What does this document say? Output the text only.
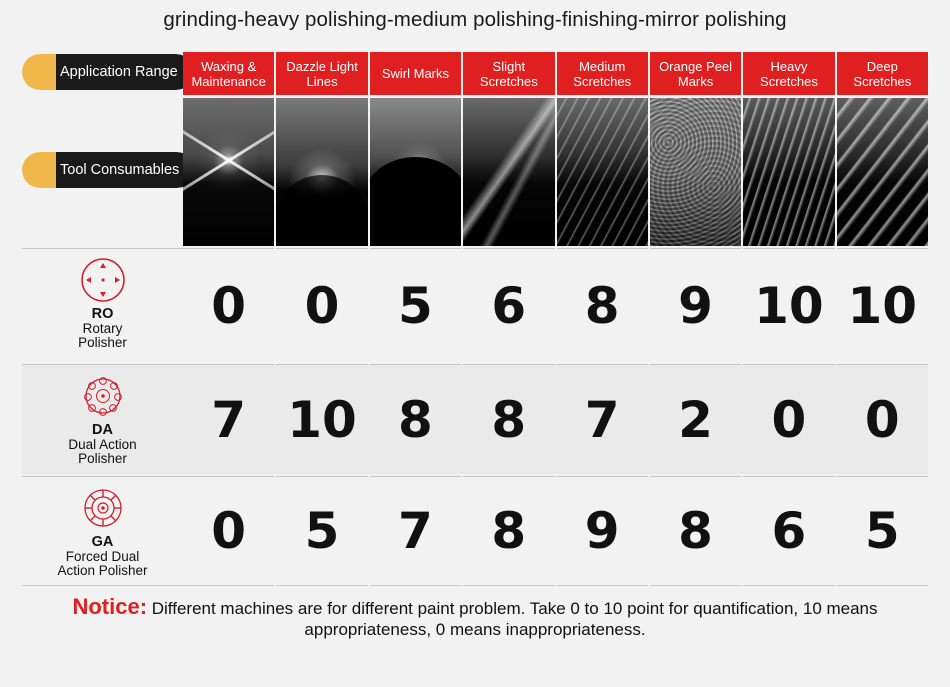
grinding-heavy polishing-medium polishing-finishing-mirror polishing
Application Range
Tool Consumables
Waxing &
Maintenance
Dazzle Light
Lines	Swirl Marks	Slight
Scretches
Medium
Scretches
Orange Peel
Marks
Heavy
Scretches
Deep
Scretches
RO
Rotary
Polisher
0 0 5 6 8 9 10 10
DA
Dual Action
Polisher
7 10 8 8 7 2 0 0
GA
Forced Dual
Action Polisher
0 5 7 8 9 8 6 5
Notice: Different machines are for different paint problem. Take 0 to 10 point for quantification, 10 means appropriateness, 0 means inappropriateness.
